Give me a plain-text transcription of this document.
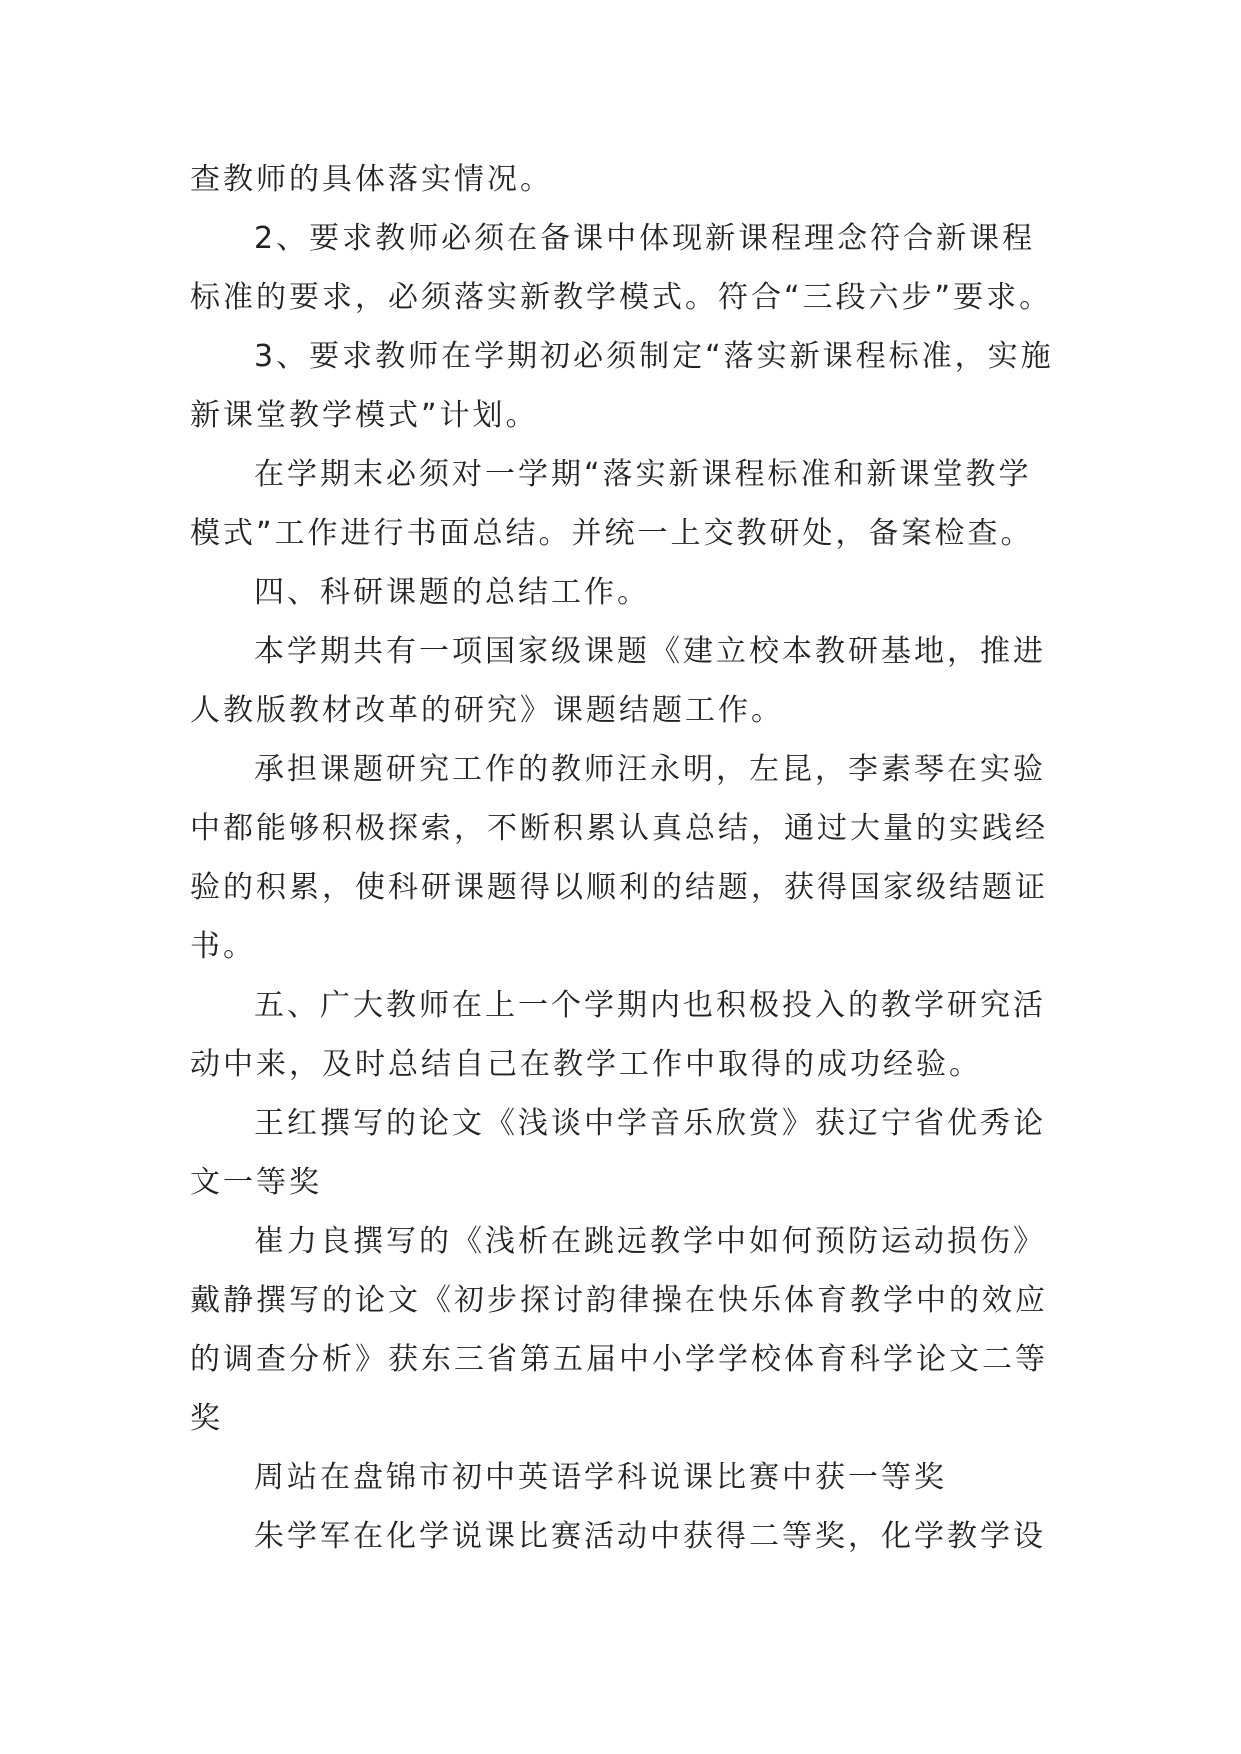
查教师的具体落实情况。

2、要求教师必须在备课中体现新课程理念符合新课程标准的要求，必须落实新教学模式。符合“三段六步”要求。

3、要求教师在学期初必须制定“落实新课程标准，实施新课堂教学模式”计划。

在学期末必须对一学期“落实新课程标准和新课堂教学模式”工作进行书面总结。并统一上交教研处，备案检查。

四、科研课题的总结工作。

本学期共有一项国家级课题《建立校本教研基地，推进人教版教材改革的研究》课题结题工作。

承担课题研究工作的教师汪永明，左昆，李素琴在实验中都能够积极探索，不断积累认真总结，通过大量的实践经验的积累，使科研课题得以顺利的结题，获得国家级结题证书。

五、广大教师在上一个学期内也积极投入的教学研究活动中来，及时总结自己在教学工作中取得的成功经验。

王红撰写的论文《浅谈中学音乐欣赏》获辽宁省优秀论文一等奖

崔力良撰写的《浅析在跳远教学中如何预防运动损伤》戴静撰写的论文《初步探讨韵律操在快乐体育教学中的效应的调查分析》获东三省第五届中小学学校体育科学论文二等奖

周站在盘锦市初中英语学科说课比赛中获一等奖

朱学军在化学说课比赛活动中获得二等奖，化学教学设
